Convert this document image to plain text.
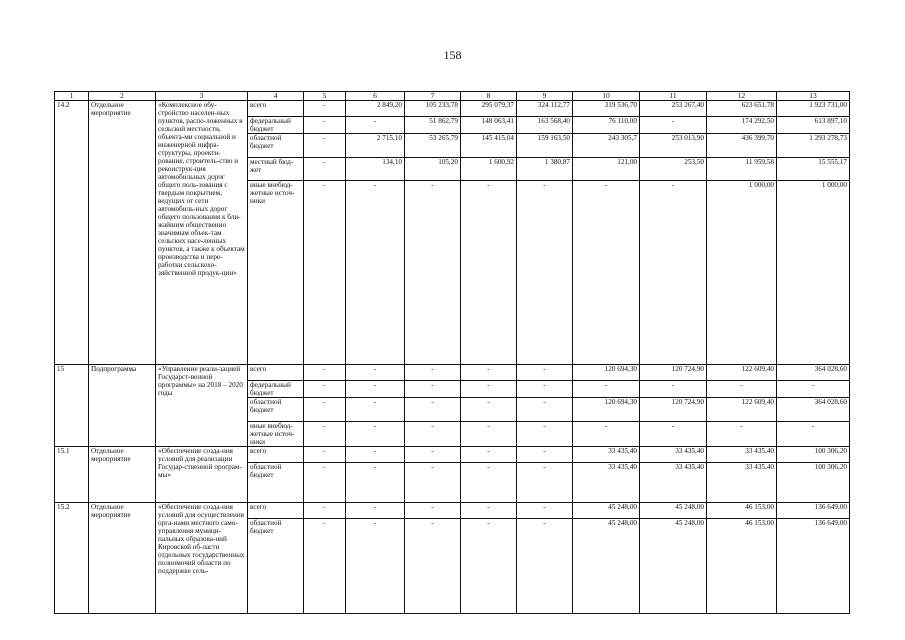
158
1	2	3	4	5	6	7	8	9	10	11	12	13
14.2	Отдельное мероприятие	«Комплексное обу-стройство населен-ных пунктов, распо-ложенных в сельской местности, объекта-ми социальной и инженерной инфра-структуры, проекти-рование, строитель-ство и реконструк-ция автомобильных дорог общего поль-зования с твердым покрытием, ведущих от сети автомобиль-ных дорог общего пользования к бли-жайшим общественно значимым объек-там сельских насе-ленных пунктов, а также к объектам производства и пере-работки сельскохо-зяйственной продук-ции»	всего	-	2 849,20	105 233,78	295 079,37	324 112,77	319 536,70	253 267,40	623 651,78	1 923 731,00
			федеральный бюджет	-	-	51 862,79	148 063,41	163 568,40	76 110,00	-	174 292,50	613 897,10
			областной бюджет	-	2 715,10	53 265,79	145 415,04	159 163,50	243 305,7	253 013,90	436 399,70	1 293 278,73
			местный бюд-жет	-	134,10	105,20	1 600,92	1 380,87	121,00	253,50	11 959,58	15 555,17
			иные внебюд-жетные источ-ники	-	-	-	-	-	-	-	1 000,00	1 000,00
15	Подпрограмма	«Управление реали-зацией Государст-венной программы» на 2018 – 2020 годы	всего	-	-	-	-	-	120 694,30	120 724,90	122 609,40	364 028,60
			федеральный бюджет	-	-	-	-	-	-	-	-	-
			областной бюджет	-	-	-	-	-	120 694,30	120 724,90	122 609,40	364 028,60
			иные внебюд-жетные источ-ники	-	-	-	-	-	-	-	-	-
15.1	Отдельное мероприятие	«Обеспечение созда-ния условий для реализации Государ-ственной програм-мы»	всего	-	-	-	-	-	33 435,40	33 435,40	33 435,40	100 306,20
			областной бюджет	-	-	-	-	-	33 435,40	33 435,40	33 435,40	100 306,20
15.2	Отдельное мероприятие	«Обеспечение созда-ния условий для осуществления орга-нами местного само-управления муници-пальных образова-ний Кировской об-ласти отдельных государственных полномочий области по поддержке сель-	всего	-	-	-	-	-	45 248,00	45 248,00	46 153,00	136 649,00
			областной бюджет	-	-	-	-	-	45 248,00	45 248,00	46 153,00	136 649,00
